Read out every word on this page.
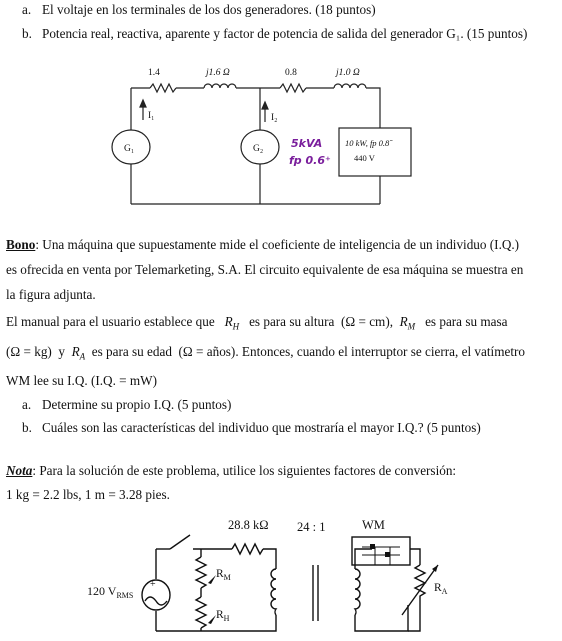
a. El voltaje en los terminales de los dos generadores. (18 puntos)
b. Potencia real, reactiva, aparente y factor de potencia de salida del generador G₁. (15 puntos)
1.4	j1.6 Ω	0.8	j1.0 Ω
I₁	I₂
G₁	G₂
10 kW, fp 0.8ˉ
440 V
5kVA
fp 0.6⁺
Bono: Una máquina que supuestamente mide el coeficiente de inteligencia de un individuo (I.Q.)
es ofrecida en venta por Telemarketing, S.A. El circuito equivalente de esa máquina se muestra en
la figura adjunta.
El manual para el usuario establece que $R_H$ es para su altura (Ω = cm), $R_M$ es para su masa
(Ω = kg) y $R_A$ es para su edad (Ω = años). Entonces, cuando el interruptor se cierra, el vatímetro
WM lee su I.Q. (I.Q. = mW)
a. Determine su propio I.Q. (5 puntos)
b. Cuáles son las características del individuo que mostraría el mayor I.Q.? (5 puntos)
Nota: Para la solución de este problema, utilice los siguientes factores de conversión:
1 kg = 2.2 lbs, 1 m = 3.28 pies.
+
28.8 kΩ 24 : 1	WM
120 $V_{RMS}$
$R_M$
$R_H$
$R_A$
